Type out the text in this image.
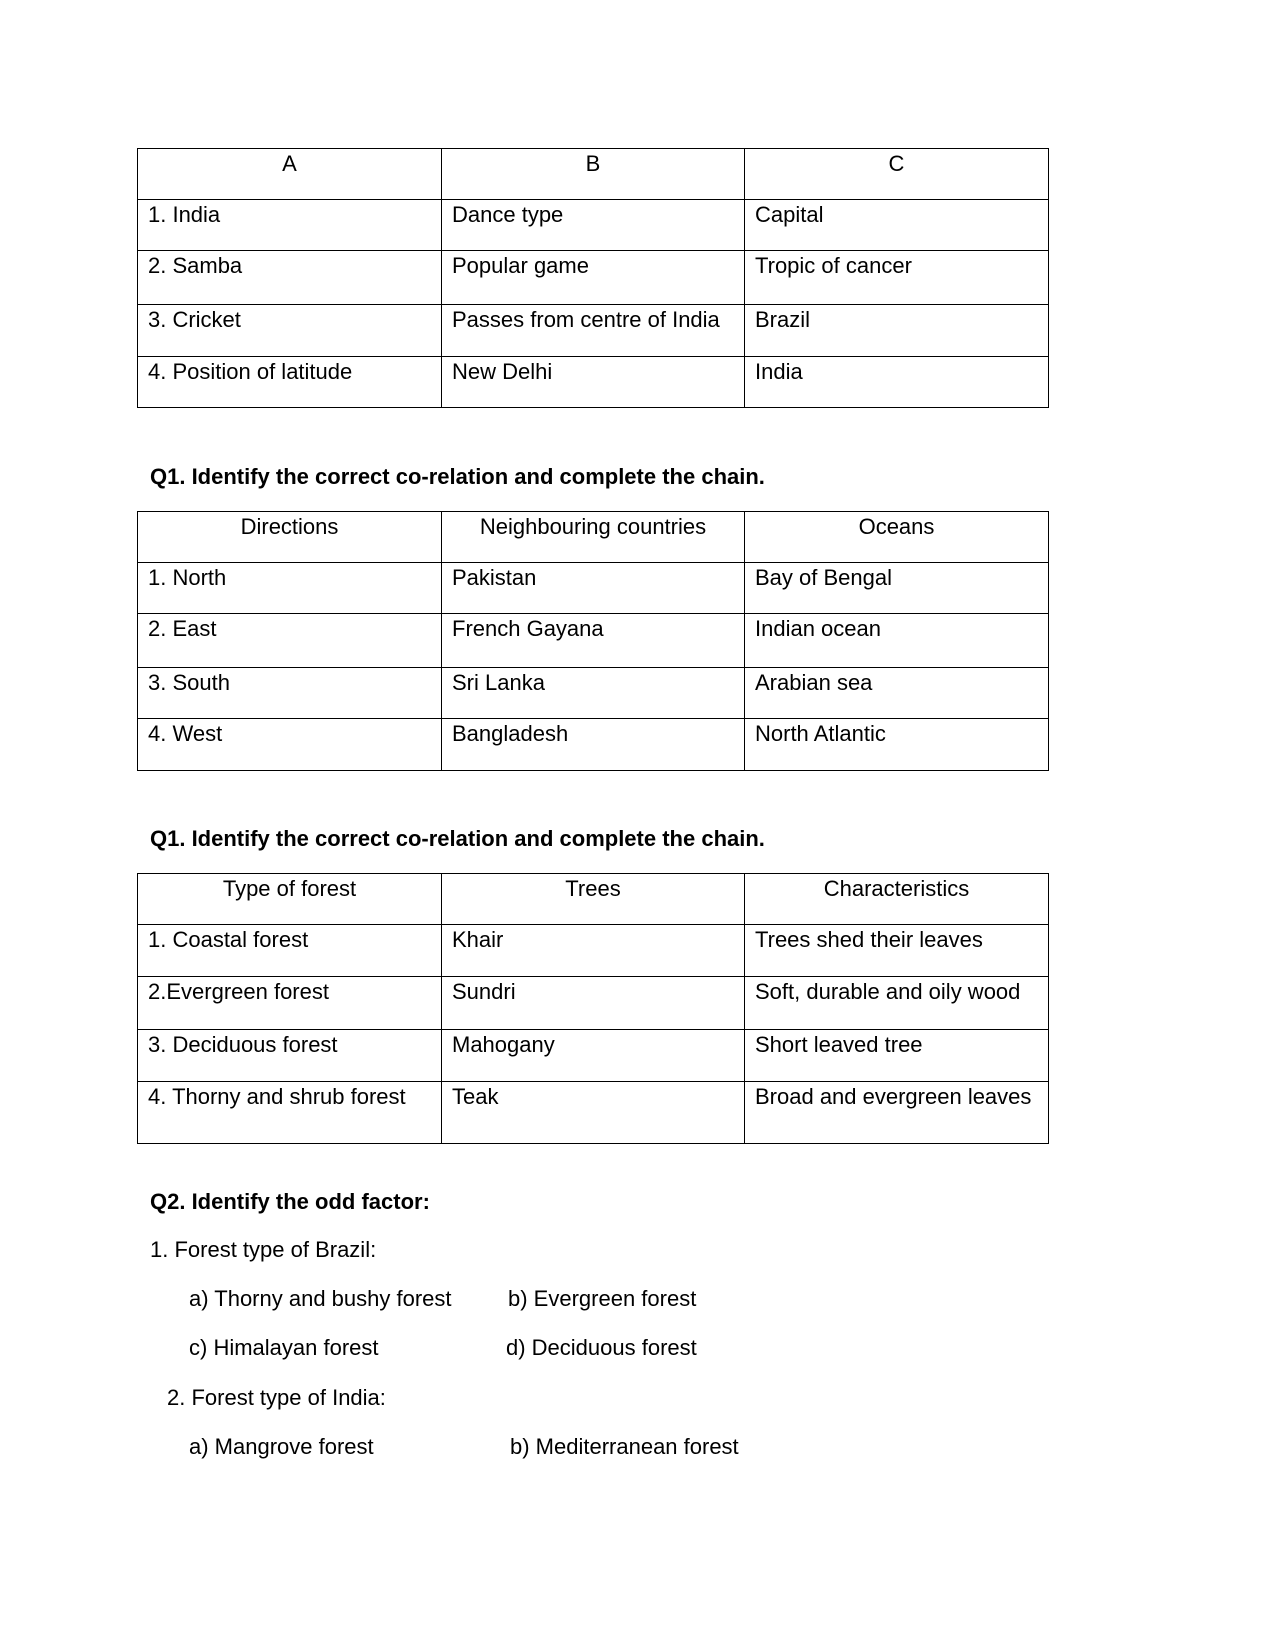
A	B	C
1. India	Dance type	Capital
2. Samba	Popular game	Tropic of cancer
3. Cricket	Passes from centre of India	Brazil
4. Position of latitude	New Delhi	India
Q1. Identify the correct co-relation and complete the chain.
Directions	Neighbouring countries	Oceans
1. North	Pakistan	Bay of Bengal
2. East	French Gayana	Indian ocean
3. South	Sri Lanka	Arabian sea
4. West	Bangladesh	North Atlantic
Q1. Identify the correct co-relation and complete the chain.
Type of forest	Trees	Characteristics
1. Coastal forest	Khair	Trees shed their leaves
2.Evergreen forest	Sundri	Soft, durable and oily wood
3. Deciduous forest	Mahogany	Short leaved tree
4. Thorny and shrub forest	Teak	Broad and evergreen leaves
Q2. Identify the odd factor:
1. Forest type of Brazil:
a) Thorny and bushy forest	b) Evergreen forest
c) Himalayan forest	d) Deciduous forest
2. Forest type of India:
a) Mangrove forest	b) Mediterranean forest
